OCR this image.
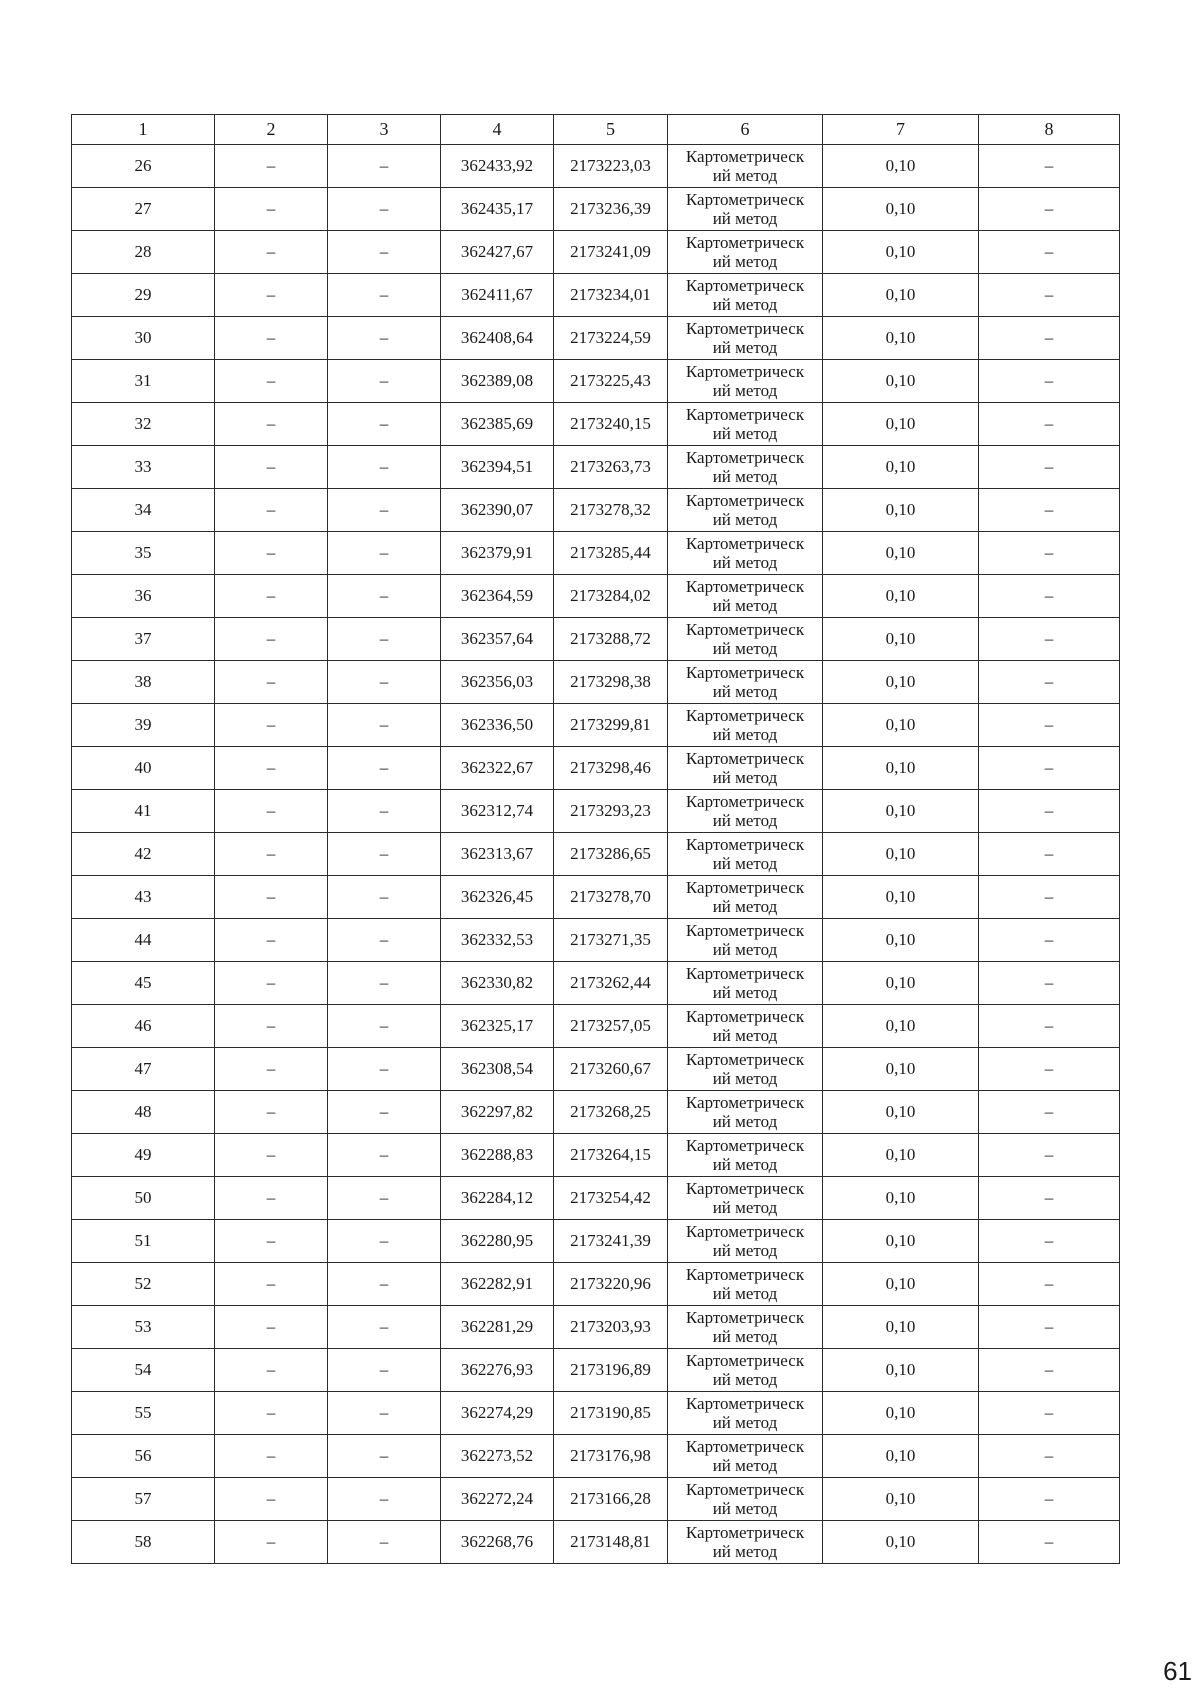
1	2	3	4	5	6	7	8
26	–	–	362433,92	2173223,03	Картометрическ
ий метод	0,10	–
27	–	–	362435,17	2173236,39	Картометрическ
ий метод	0,10	–
28	–	–	362427,67	2173241,09	Картометрическ
ий метод	0,10	–
29	–	–	362411,67	2173234,01	Картометрическ
ий метод	0,10	–
30	–	–	362408,64	2173224,59	Картометрическ
ий метод	0,10	–
31	–	–	362389,08	2173225,43	Картометрическ
ий метод	0,10	–
32	–	–	362385,69	2173240,15	Картометрическ
ий метод	0,10	–
33	–	–	362394,51	2173263,73	Картометрическ
ий метод	0,10	–
34	–	–	362390,07	2173278,32	Картометрическ
ий метод	0,10	–
35	–	–	362379,91	2173285,44	Картометрическ
ий метод	0,10	–
36	–	–	362364,59	2173284,02	Картометрическ
ий метод	0,10	–
37	–	–	362357,64	2173288,72	Картометрическ
ий метод	0,10	–
38	–	–	362356,03	2173298,38	Картометрическ
ий метод	0,10	–
39	–	–	362336,50	2173299,81	Картометрическ
ий метод	0,10	–
40	–	–	362322,67	2173298,46	Картометрическ
ий метод	0,10	–
41	–	–	362312,74	2173293,23	Картометрическ
ий метод	0,10	–
42	–	–	362313,67	2173286,65	Картометрическ
ий метод	0,10	–
43	–	–	362326,45	2173278,70	Картометрическ
ий метод	0,10	–
44	–	–	362332,53	2173271,35	Картометрическ
ий метод	0,10	–
45	–	–	362330,82	2173262,44	Картометрическ
ий метод	0,10	–
46	–	–	362325,17	2173257,05	Картометрическ
ий метод	0,10	–
47	–	–	362308,54	2173260,67	Картометрическ
ий метод	0,10	–
48	–	–	362297,82	2173268,25	Картометрическ
ий метод	0,10	–
49	–	–	362288,83	2173264,15	Картометрическ
ий метод	0,10	–
50	–	–	362284,12	2173254,42	Картометрическ
ий метод	0,10	–
51	–	–	362280,95	2173241,39	Картометрическ
ий метод	0,10	–
52	–	–	362282,91	2173220,96	Картометрическ
ий метод	0,10	–
53	–	–	362281,29	2173203,93	Картометрическ
ий метод	0,10	–
54	–	–	362276,93	2173196,89	Картометрическ
ий метод	0,10	–
55	–	–	362274,29	2173190,85	Картометрическ
ий метод	0,10	–
56	–	–	362273,52	2173176,98	Картометрическ
ий метод	0,10	–
57	–	–	362272,24	2173166,28	Картометрическ
ий метод	0,10	–
58	–	–	362268,76	2173148,81	Картометрическ
ий метод	0,10	–
61
